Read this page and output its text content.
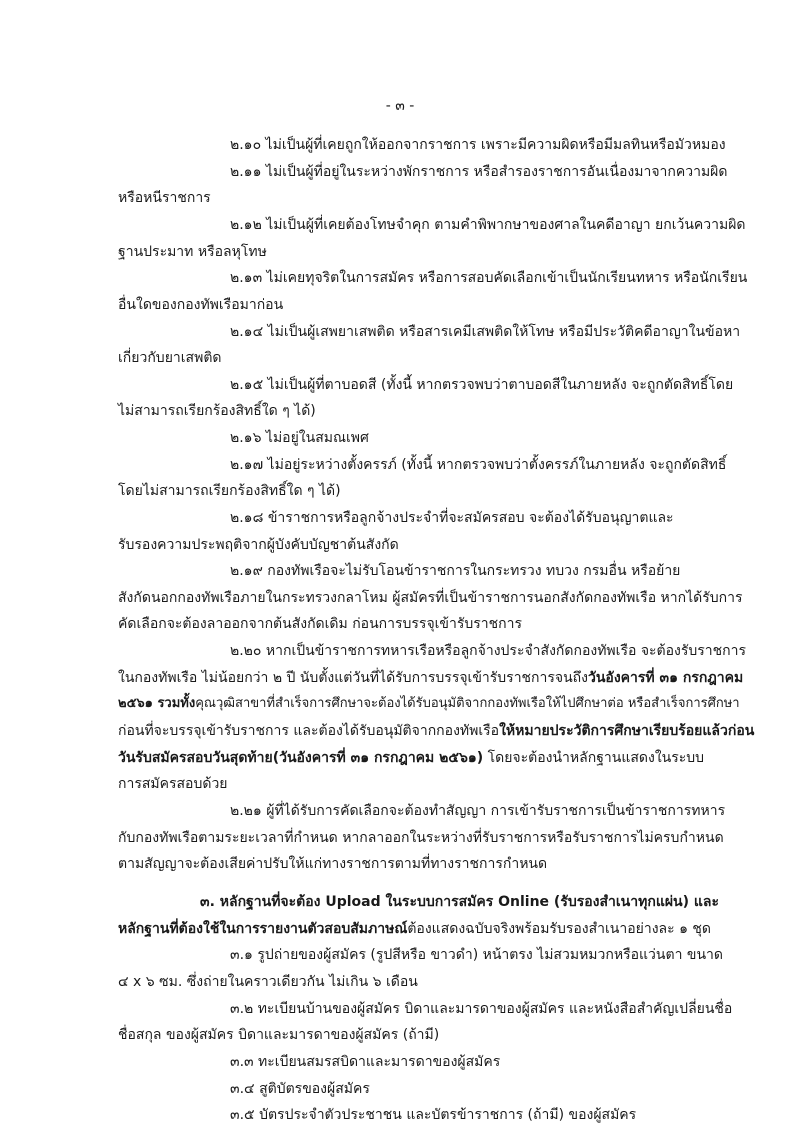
- ๓ -
๒.๑๐ ไม่เป็นผู้ที่เคยถูกให้ออกจากราชการ เพราะมีความผิดหรือมีมลทินหรือมัวหมอง
๒.๑๑ ไม่เป็นผู้ที่อยู่ในระหว่างพักราชการ หรือสำรองราชการอันเนื่องมาจากความผิด
หรือหนีราชการ
๒.๑๒ ไม่เป็นผู้ที่เคยต้องโทษจำคุก ตามคำพิพากษาของศาลในคดีอาญา ยกเว้นความผิด
ฐานประมาท หรือลหุโทษ
๒.๑๓ ไม่เคยทุจริตในการสมัคร หรือการสอบคัดเลือกเข้าเป็นนักเรียนทหาร หรือนักเรียน
อื่นใดของกองทัพเรือมาก่อน
๒.๑๔ ไม่เป็นผู้เสพยาเสพติด หรือสารเคมีเสพติดให้โทษ หรือมีประวัติคดีอาญาในข้อหา
เกี่ยวกับยาเสพติด
๒.๑๕ ไม่เป็นผู้ที่ตาบอดสี (ทั้งนี้ หากตรวจพบว่าตาบอดสีในภายหลัง จะถูกตัดสิทธิ์โดย
ไม่สามารถเรียกร้องสิทธิ์ใด ๆ ได้)
๒.๑๖ ไม่อยู่ในสมณเพศ
๒.๑๗ ไม่อยู่ระหว่างตั้งครรภ์ (ทั้งนี้ หากตรวจพบว่าตั้งครรภ์ในภายหลัง จะถูกตัดสิทธิ์
โดยไม่สามารถเรียกร้องสิทธิ์ใด ๆ ได้)
๒.๑๘ ข้าราชการหรือลูกจ้างประจำที่จะสมัครสอบ จะต้องได้รับอนุญาตและ
รับรองความประพฤติจากผู้บังคับบัญชาต้นสังกัด
๒.๑๙ กองทัพเรือจะไม่รับโอนข้าราชการในกระทรวง ทบวง กรมอื่น หรือย้าย
สังกัดนอกกองทัพเรือภายในกระทรวงกลาโหม ผู้สมัครที่เป็นข้าราชการนอกสังกัดกองทัพเรือ หากได้รับการ
คัดเลือกจะต้องลาออกจากต้นสังกัดเดิม ก่อนการบรรจุเข้ารับราชการ
๒.๒๐ หากเป็นข้าราชการทหารเรือหรือลูกจ้างประจำสังกัดกองทัพเรือ จะต้องรับราชการ
ในกองทัพเรือ ไม่น้อยกว่า ๒ ปี นับตั้งแต่วันที่ได้รับการบรรจุเข้ารับราชการจนถึงวันอังคารที่ ๓๑ กรกฎาคม
๒๕๖๑ รวมทั้งคุณวุฒิสาขาที่สำเร็จการศึกษาจะต้องได้รับอนุมัติจากกองทัพเรือให้ไปศึกษาต่อ หรือสำเร็จการศึกษา
ก่อนที่จะบรรจุเข้ารับราชการ และต้องได้รับอนุมัติจากกองทัพเรือให้หมายประวัติการศึกษาเรียบร้อยแล้วก่อน
วันรับสมัครสอบวันสุดท้าย(วันอังคารที่ ๓๑ กรกฎาคม ๒๕๖๑) โดยจะต้องนำหลักฐานแสดงในระบบ
การสมัครสอบด้วย
๒.๒๑ ผู้ที่ได้รับการคัดเลือกจะต้องทำสัญญา การเข้ารับราชการเป็นข้าราชการทหาร
กับกองทัพเรือตามระยะเวลาที่กำหนด หากลาออกในระหว่างที่รับราชการหรือรับราชการไม่ครบกำหนด
ตามสัญญาจะต้องเสียค่าปรับให้แก่ทางราชการตามที่ทางราชการกำหนด
๓. หลักฐานที่จะต้อง Upload ในระบบการสมัคร Online (รับรองสำเนาทุกแผ่น) และ
หลักฐานที่ต้องใช้ในการรายงานตัวสอบสัมภาษณ์ต้องแสดงฉบับจริงพร้อมรับรองสำเนาอย่างละ ๑ ชุด
๓.๑ รูปถ่ายของผู้สมัคร (รูปสีหรือ ขาวดำ) หน้าตรง ไม่สวมหมวกหรือแว่นตา ขนาด
๔ x ๖ ซม. ซึ่งถ่ายในคราวเดียวกัน ไม่เกิน ๖ เดือน
๓.๒ ทะเบียนบ้านของผู้สมัคร บิดาและมารดาของผู้สมัคร และหนังสือสำคัญเปลี่ยนชื่อ
ชื่อสกุล ของผู้สมัคร บิดาและมารดาของผู้สมัคร (ถ้ามี)
๓.๓ ทะเบียนสมรสบิดาและมารดาของผู้สมัคร
๓.๔ สูติบัตรของผู้สมัคร
๓.๕ บัตรประจำตัวประชาชน และบัตรข้าราชการ (ถ้ามี) ของผู้สมัคร
